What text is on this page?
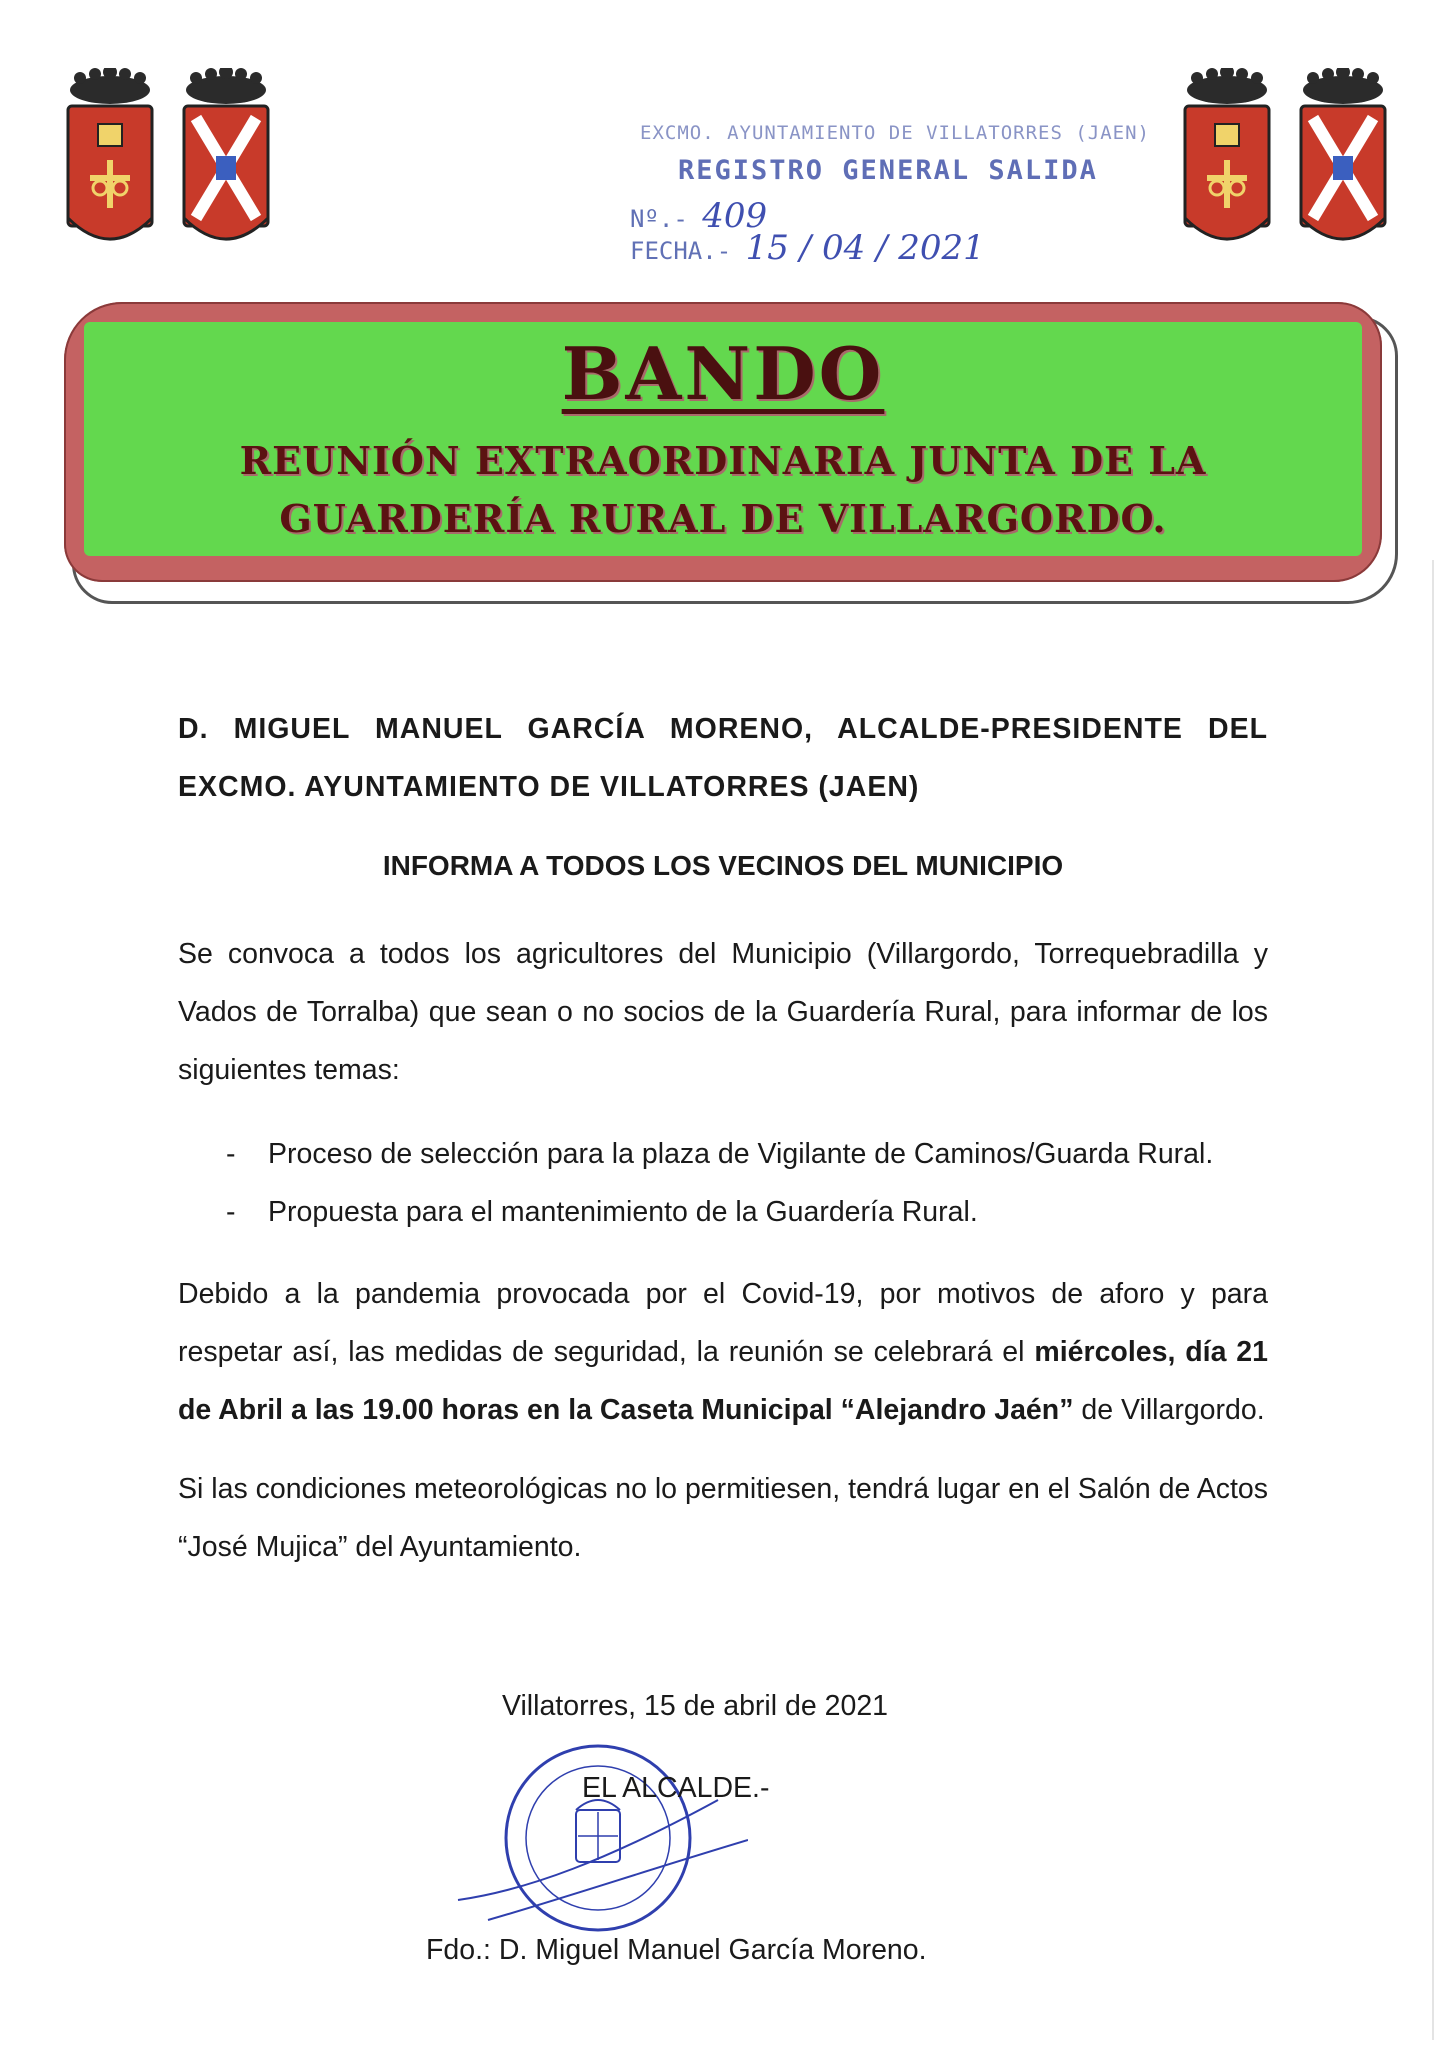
EXCMO. AYUNTAMIENTO DE VILLATORRES (JAEN)
REGISTRO GENERAL SALIDA
Nº.- 409
FECHA.- 15 / 04 / 2021
BANDO
REUNIÓN EXTRAORDINARIA JUNTA DE LA
GUARDERÍA RURAL DE VILLARGORDO.
D. MIGUEL MANUEL GARCÍA MORENO, ALCALDE-PRESIDENTE DEL EXCMO. AYUNTAMIENTO DE VILLATORRES (JAEN)
INFORMA A TODOS LOS VECINOS DEL MUNICIPIO
Se convoca a todos los agricultores del Municipio (Villargordo, Torrequebradilla y Vados de Torralba) que sean o no socios de la Guardería Rural, para informar de los siguientes temas:
- Proceso de selección para la plaza de Vigilante de Caminos/Guarda Rural.
- Propuesta para el mantenimiento de la Guardería Rural.
Debido a la pandemia provocada por el Covid-19, por motivos de aforo y para respetar así, las medidas de seguridad, la reunión se celebrará el miércoles, día 21 de Abril a las 19.00 horas en la Caseta Municipal “Alejandro Jaén” de Villargordo.
Si las condiciones meteorológicas no lo permitiesen, tendrá lugar en el Salón de Actos “José Mujica” del Ayuntamiento.
Villatorres, 15 de abril de 2021
EL ALCALDE.-
Fdo.: D. Miguel Manuel García Moreno.
